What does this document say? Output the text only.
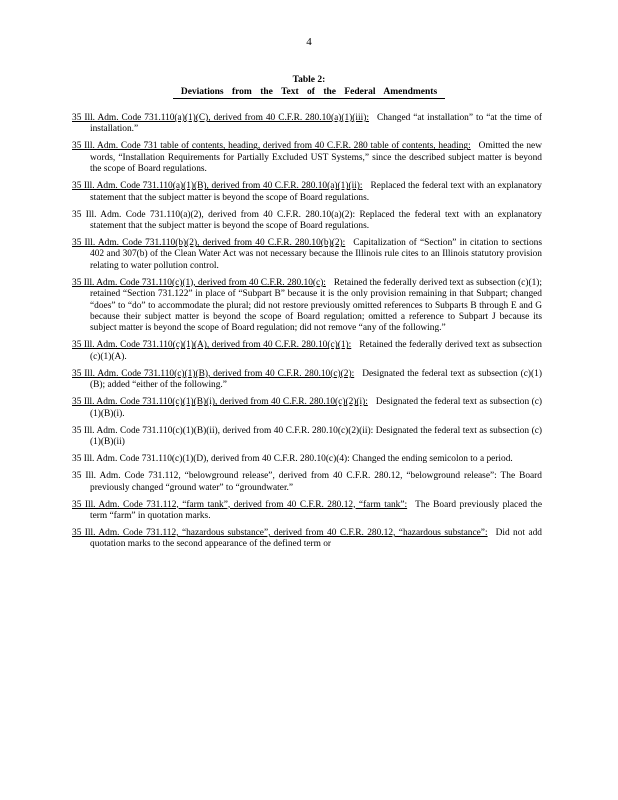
4
Table 2:
Deviations from the Text of the Federal Amendments

35 Ill. Adm. Code 731.110(a)(1)(C), derived from 40 C.F.R. 280.10(a)(1)(iii): Changed “at installation” to “at the time of installation.”

35 Ill. Adm. Code 731 table of contents, heading, derived from 40 C.F.R. 280 table of contents, heading: Omitted the new words, “Installation Requirements for Partially Excluded UST Systems,” since the described subject matter is beyond the scope of Board regulations.

35 Ill. Adm. Code 731.110(a)(1)(B), derived from 40 C.F.R. 280.10(a)(1)(ii): Replaced the federal text with an explanatory statement that the subject matter is beyond the scope of Board regulations.

35 Ill. Adm. Code 731.110(a)(2), derived from 40 C.F.R. 280.10(a)(2): Replaced the federal text with an explanatory statement that the subject matter is beyond the scope of Board regulations.

35 Ill. Adm. Code 731.110(b)(2), derived from 40 C.F.R. 280.10(b)(2): Capitalization of “Section” in citation to sections 402 and 307(b) of the Clean Water Act was not necessary because the Illinois rule cites to an Illinois statutory provision relating to water pollution control.

35 Ill. Adm. Code 731.110(c)(1), derived from 40 C.F.R. 280.10(c): Retained the federally derived text as subsection (c)(1); retained “Section 731.122” in place of “Subpart B” because it is the only provision remaining in that Subpart; changed “does” to “do” to accommodate the plural; did not restore previously omitted references to Subparts B through E and G because their subject matter is beyond the scope of Board regulation; omitted a reference to Subpart J because its subject matter is beyond the scope of Board regulation; did not remove “any of the following.”

35 Ill. Adm. Code 731.110(c)(1)(A), derived from 40 C.F.R. 280.10(c)(1): Retained the federally derived text as subsection (c)(1)(A).

35 Ill. Adm. Code 731.110(c)(1)(B), derived from 40 C.F.R. 280.10(c)(2): Designated the federal text as subsection (c)(1)(B); added “either of the following.”

35 Ill. Adm. Code 731.110(c)(1)(B)(i), derived from 40 C.F.R. 280.10(c)(2)(i): Designated the federal text as subsection (c)(1)(B)(i).

35 Ill. Adm. Code 731.110(c)(1)(B)(ii), derived from 40 C.F.R. 280.10(c)(2)(ii): Designated the federal text as subsection (c)(1)(B)(ii)

35 Ill. Adm. Code 731.110(c)(1)(D), derived from 40 C.F.R. 280.10(c)(4): Changed the ending semicolon to a period.

35 Ill. Adm. Code 731.112, “belowground release”, derived from 40 C.F.R. 280.12, “belowground release”: The Board previously changed “ground water” to “groundwater.”

35 Ill. Adm. Code 731.112, “farm tank”, derived from 40 C.F.R. 280.12, “farm tank”: The Board previously placed the term “farm” in quotation marks.

35 Ill. Adm. Code 731.112, “hazardous substance”, derived from 40 C.F.R. 280.12, “hazardous substance”: Did not add quotation marks to the second appearance of the defined term or
